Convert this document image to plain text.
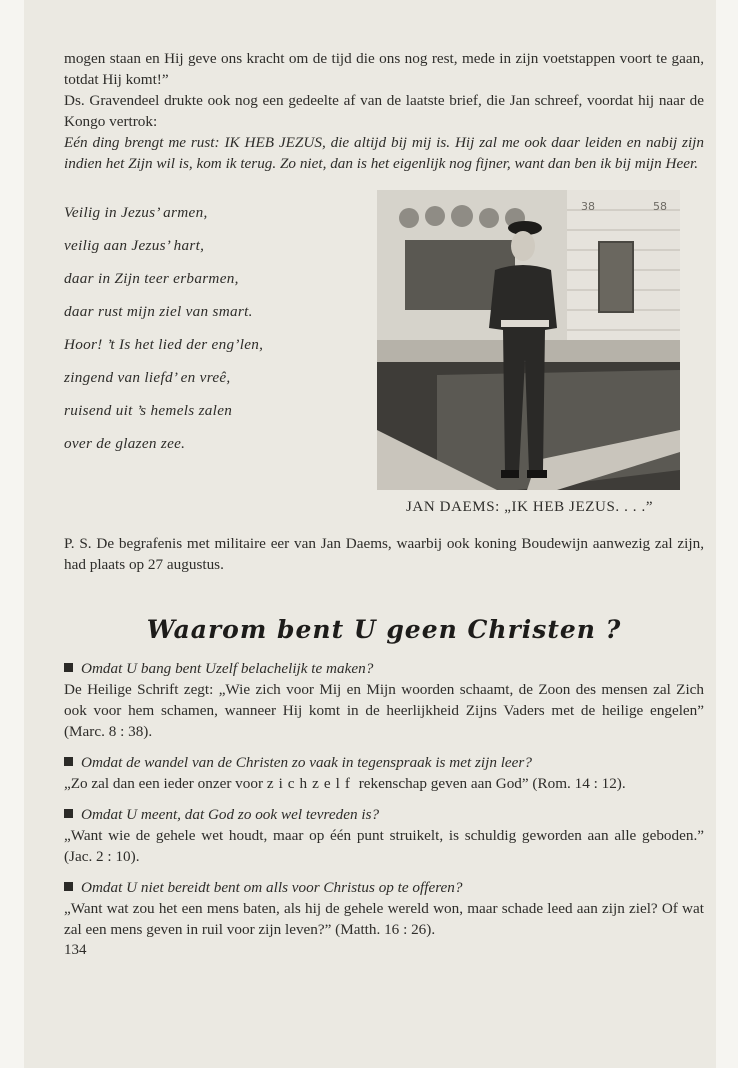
mogen staan en Hij geve ons kracht om de tijd die ons nog rest, mede in zijn voetstappen voort te gaan, totdat Hij komt!”

Ds. Gravendeel drukte ook nog een gedeelte af van de laatste brief, die Jan schreef, voordat hij naar de Kongo vertrok:

Eén ding brengt me rust: IK HEB JEZUS, die altijd bij mij is. Hij zal me ook daar leiden en nabij zijn indien het Zijn wil is, kom ik terug. Zo niet, dan is het eigenlijk nog fijner, want dan ben ik bij mijn Heer.

Veilig in Jezus’ armen,
veilig aan Jezus’ hart,
daar in Zijn teer erbarmen,
daar rust mijn ziel van smart.
Hoor! ’t Is het lied der eng’len,
zingend van liefd’ en vreê,
ruisend uit ’s hemels zalen
over de glazen zee.
38	58
JAN DAEMS: „IK HEB JEZUS. . . .”

P. S. De begrafenis met militaire eer van Jan Daems, waarbij ook koning Boudewijn aanwezig zal zijn, had plaats op 27 augustus.

Waarom bent U geen Christen ?

Omdat U bang bent Uzelf belachelijk te maken?

De Heilige Schrift zegt: „Wie zich voor Mij en Mijn woorden schaamt, de Zoon des mensen zal Zich ook voor hem schamen, wanneer Hij komt in de heerlijkheid Zijns Vaders met de heilige engelen” (Marc. 8 : 38).

Omdat de wandel van de Christen zo vaak in tegenspraak is met zijn leer?

„Zo zal dan een ieder onzer voor zichzelf rekenschap geven aan God” (Rom. 14 : 12).

Omdat U meent, dat God zo ook wel tevreden is?

„Want wie de gehele wet houdt, maar op één punt struikelt, is schuldig geworden aan alle geboden.” (Jac. 2 : 10).

Omdat U niet bereidt bent om alls voor Christus op te offeren?

„Want wat zou het een mens baten, als hij de gehele wereld won, maar schade leed aan zijn ziel? Of wat zal een mens geven in ruil voor zijn leven?” (Matth. 16 : 26).

134
